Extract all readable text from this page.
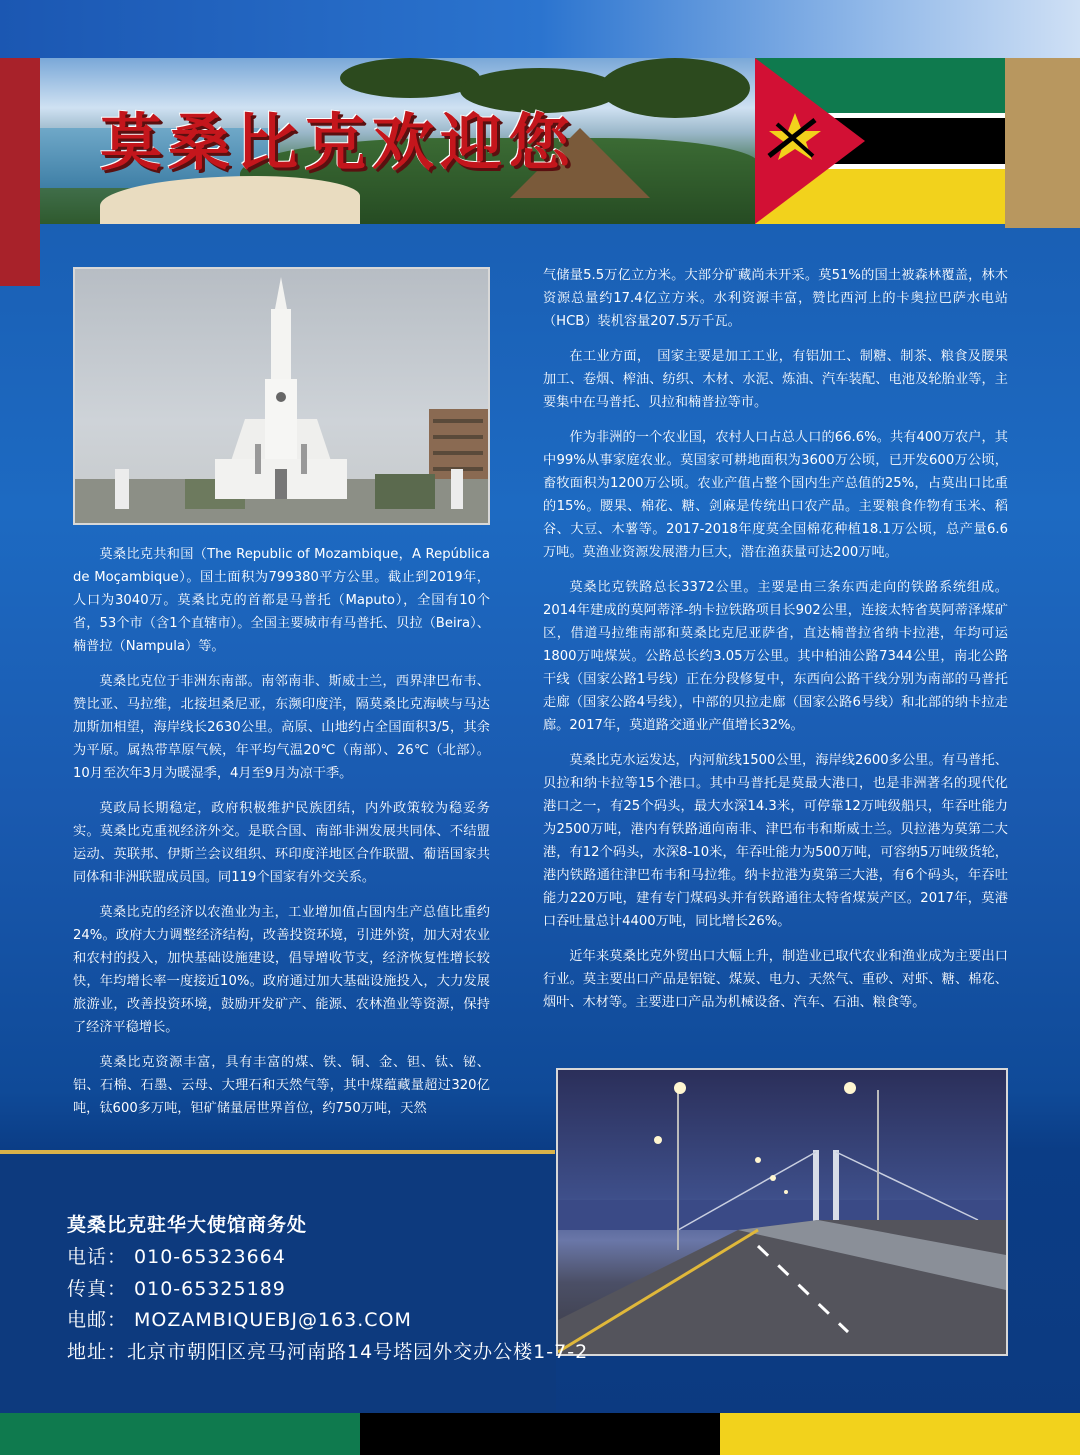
莫桑比克欢迎您

莫桑比克共和国（The Republic of Mozambique，A República de Moçambique）。国土面积为799380平方公里。截止到2019年，人口为3040万。莫桑比克的首都是马普托（Maputo），全国有10个省，53个市（含1个直辖市）。全国主要城市有马普托、贝拉（Beira）、楠普拉（Nampula）等。

莫桑比克位于非洲东南部。南邻南非、斯威士兰，西界津巴布韦、赞比亚、马拉维，北接坦桑尼亚，东濒印度洋，隔莫桑比克海峡与马达加斯加相望，海岸线长2630公里。高原、山地约占全国面积3/5，其余为平原。属热带草原气候，年平均气温20℃（南部）、26℃（北部）。10月至次年3月为暖湿季，4月至9月为凉干季。

莫政局长期稳定，政府积极维护民族团结，内外政策较为稳妥务实。莫桑比克重视经济外交。是联合国、南部非洲发展共同体、不结盟运动、英联邦、伊斯兰会议组织、环印度洋地区合作联盟、葡语国家共同体和非洲联盟成员国。同119个国家有外交关系。

莫桑比克的经济以农渔业为主，工业增加值占国内生产总值比重约24%。政府大力调整经济结构，改善投资环境，引进外资，加大对农业和农村的投入，加快基础设施建设，倡导增收节支，经济恢复性增长较快，年均增长率一度接近10%。政府通过加大基础设施投入，大力发展旅游业，改善投资环境，鼓励开发矿产、能源、农林渔业等资源，保持了经济平稳增长。

莫桑比克资源丰富，具有丰富的煤、铁、铜、金、钽、钛、铋、铝、石棉、石墨、云母、大理石和天然气等，其中煤蕴藏量超过320亿吨，钛600多万吨，钽矿储量居世界首位，约750万吨，天然

气储量5.5万亿立方米。大部分矿藏尚未开采。莫51%的国土被森林覆盖，林木资源总量约17.4亿立方米。水利资源丰富，赞比西河上的卡奥拉巴萨水电站（HCB）装机容量207.5万千瓦。

在工业方面，　国家主要是加工工业，有铝加工、制糖、制茶、粮食及腰果加工、卷烟、榨油、纺织、木材、水泥、炼油、汽车装配、电池及轮胎业等，主要集中在马普托、贝拉和楠普拉等市。

作为非洲的一个农业国，农村人口占总人口的66.6%。共有400万农户，其中99%从事家庭农业。莫国家可耕地面积为3600万公顷，已开发600万公顷，畜牧面积为1200万公顷。农业产值占整个国内生产总值的25%，占莫出口比重的15%。腰果、棉花、糖、剑麻是传统出口农产品。主要粮食作物有玉米、稻谷、大豆、木薯等。2017-2018年度莫全国棉花种植18.1万公顷，总产量6.6万吨。莫渔业资源发展潜力巨大，潜在渔获量可达200万吨。

莫桑比克铁路总长3372公里。主要是由三条东西走向的铁路系统组成。2014年建成的莫阿蒂泽-纳卡拉铁路项目长902公里，连接太特省莫阿蒂泽煤矿区，借道马拉维南部和莫桑比克尼亚萨省，直达楠普拉省纳卡拉港，年均可运1800万吨煤炭。公路总长约3.05万公里。其中柏油公路7344公里，南北公路干线（国家公路1号线）正在分段修复中，东西向公路干线分别为南部的马普托走廊（国家公路4号线），中部的贝拉走廊（国家公路6号线）和北部的纳卡拉走廊。2017年，莫道路交通业产值增长32%。

莫桑比克水运发达，内河航线1500公里，海岸线2600多公里。有马普托、贝拉和纳卡拉等15个港口。其中马普托是莫最大港口，也是非洲著名的现代化港口之一，有25个码头，最大水深14.3米，可停靠12万吨级船只，年吞吐能力为2500万吨，港内有铁路通向南非、津巴布韦和斯威士兰。贝拉港为莫第二大港，有12个码头，水深8-10米，年吞吐能力为500万吨，可容纳5万吨级货轮，港内铁路通往津巴布韦和马拉维。纳卡拉港为莫第三大港，有6个码头，年吞吐能力220万吨，建有专门煤码头并有铁路通往太特省煤炭产区。2017年，莫港口吞吐量总计4400万吨，同比增长26%。

近年来莫桑比克外贸出口大幅上升，制造业已取代农业和渔业成为主要出口行业。莫主要出口产品是铝锭、煤炭、电力、天然气、重砂、对虾、糖、棉花、烟叶、木材等。主要进口产品为机械设备、汽车、石油、粮食等。

莫桑比克驻华大使馆商务处
电话： 010-65323664
传真： 010-65325189
电邮： MOZAMBIQUEBJ@163.COM
地址：北京市朝阳区亮马河南路14号塔园外交办公楼1-7-2
